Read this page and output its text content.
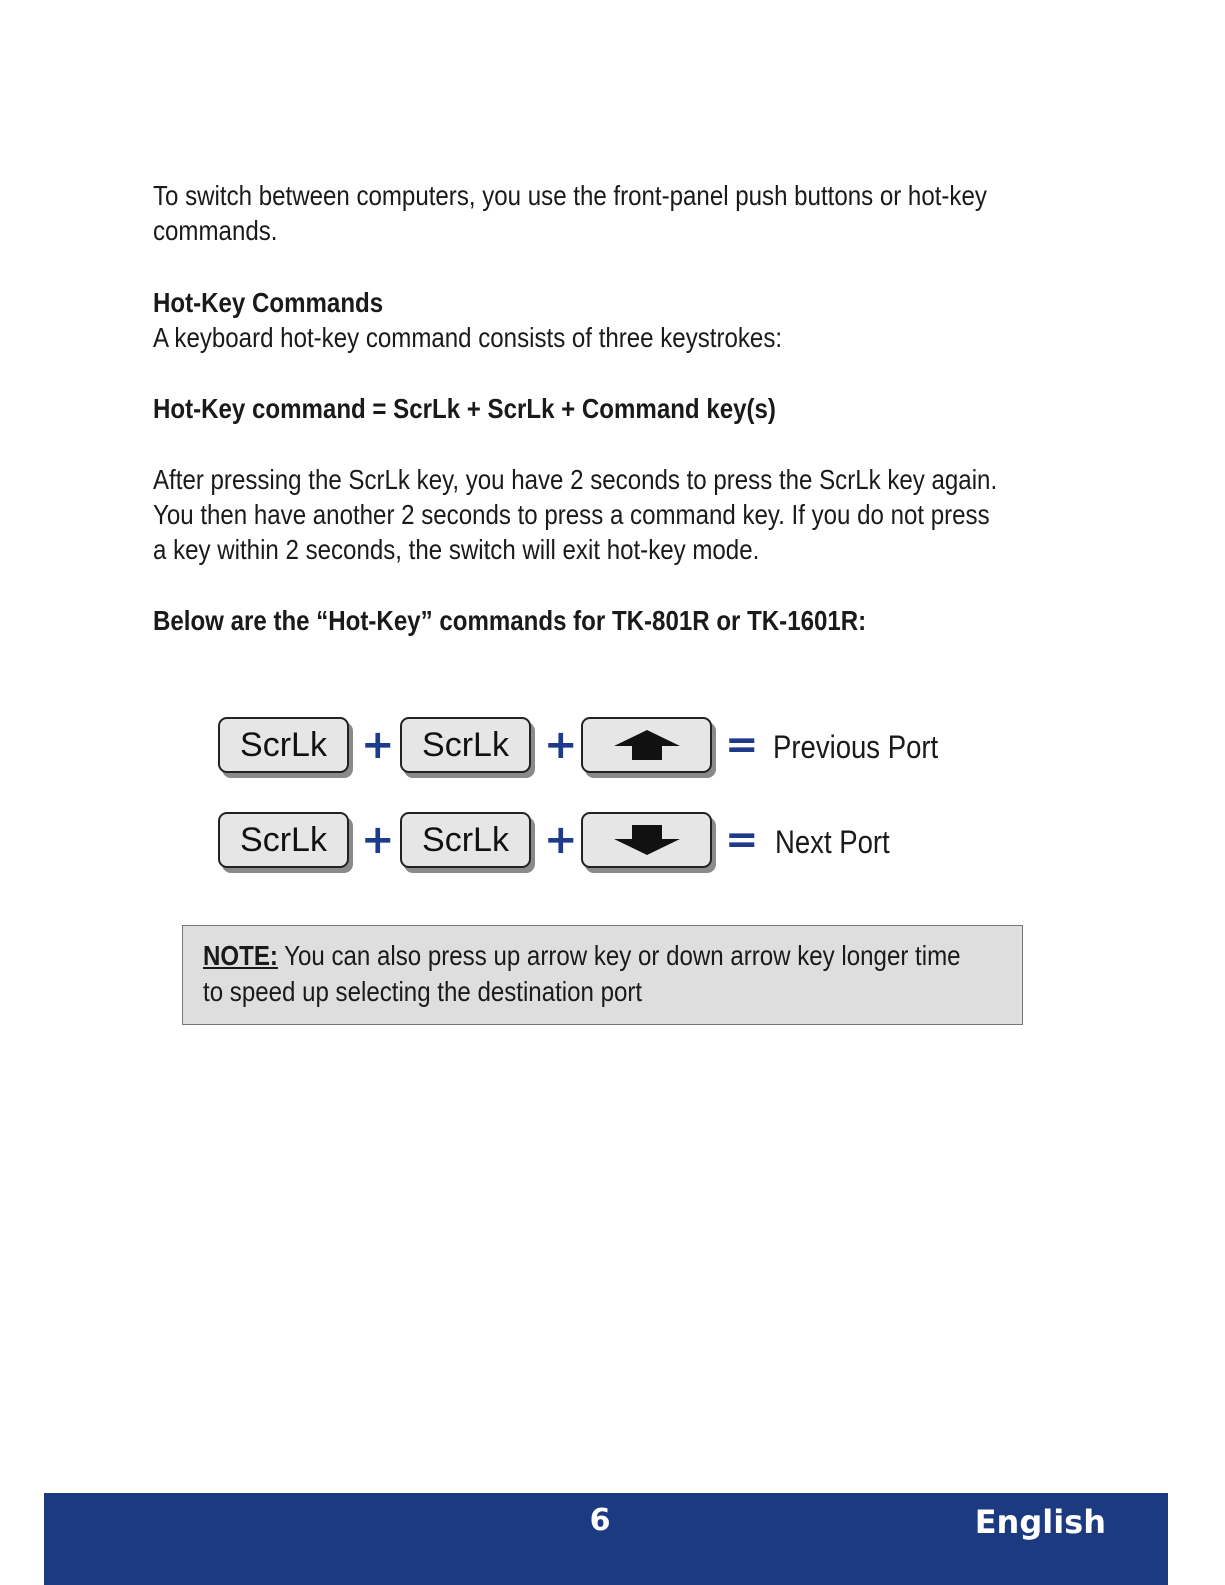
To switch between computers, you use the front-panel push buttons or hot-key

commands.

Hot-Key Commands

A keyboard hot-key command consists of three keystrokes:

Hot-Key command = ScrLk + ScrLk + Command key(s)

After pressing the ScrLk key, you have 2 seconds to press the ScrLk key again.

You then have another 2 seconds to press a command key. If you do not press

a key within 2 seconds, the switch will exit hot-key mode.

Below are the “Hot-Key” commands for TK-801R or TK-1601R:

ScrLk + ScrLk +	= Previous Port
ScrLk + ScrLk +	= Next Port

NOTE: You can also press up arrow key or down arrow key longer time

to speed up selecting the destination port

6	English
